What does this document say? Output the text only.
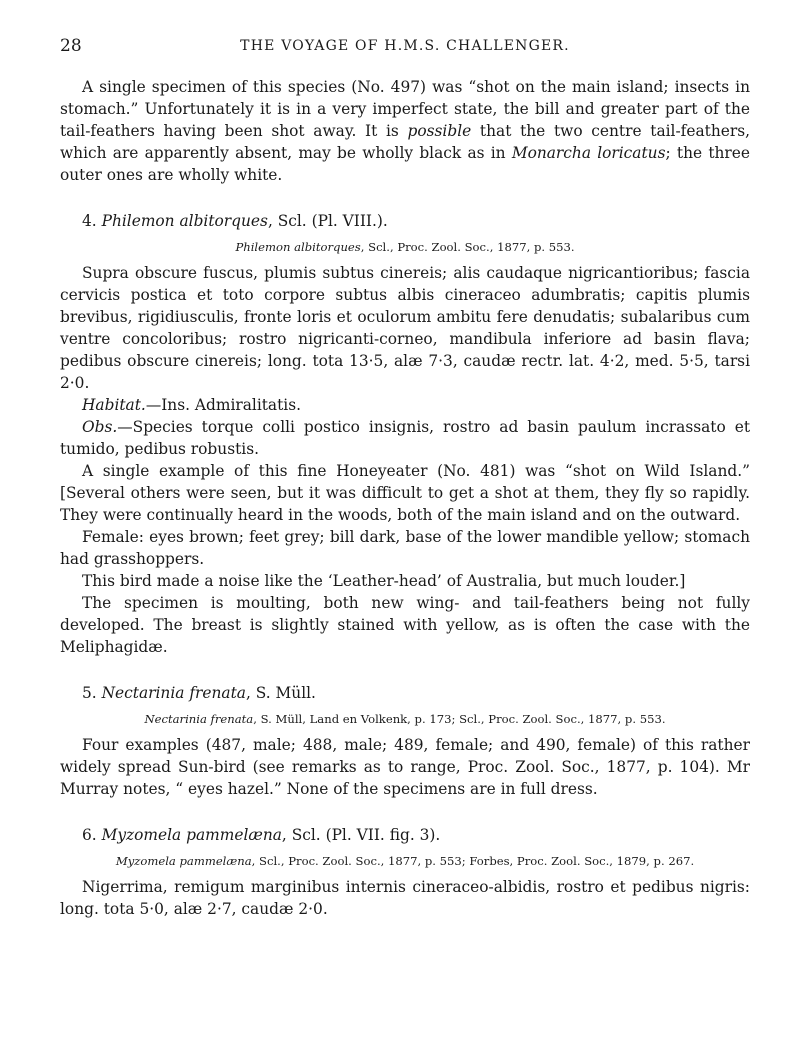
28	THE VOYAGE OF H.M.S. CHALLENGER.

A single specimen of this species (No. 497) was “shot on the main island; insects in stomach.” Unfortunately it is in a very imperfect state, the bill and greater part of the tail-feathers having been shot away. It is possible that the two centre tail-feathers, which are apparently absent, may be wholly black as in Monarcha loricatus; the three outer ones are wholly white.

4. Philemon albitorques, Scl. (Pl. VIII.).

Philemon albitorques, Scl., Proc. Zool. Soc., 1877, p. 553.

Supra obscure fuscus, plumis subtus cinereis; alis caudaque nigricantioribus; fascia cervicis postica et toto corpore subtus albis cineraceo adumbratis; capitis plumis brevibus, rigidiusculis, fronte loris et oculorum ambitu fere denudatis; subalaribus cum ventre concoloribus; rostro nigricanti-corneo, mandibula inferiore ad basin flava; pedibus obscure cinereis; long. tota 13·5, alæ 7·3, caudæ rectr. lat. 4·2, med. 5·5, tarsi 2·0.

Habitat.—Ins. Admiralitatis.

Obs.—Species torque colli postico insignis, rostro ad basin paulum incrassato et tumido, pedibus robustis.

A single example of this fine Honeyeater (No. 481) was “shot on Wild Island.” [Several others were seen, but it was difficult to get a shot at them, they fly so rapidly. They were continually heard in the woods, both of the main island and on the outward.

Female: eyes brown; feet grey; bill dark, base of the lower mandible yellow; stomach had grasshoppers.

This bird made a noise like the ‘Leather-head’ of Australia, but much louder.]

The specimen is moulting, both new wing- and tail-feathers being not fully developed. The breast is slightly stained with yellow, as is often the case with the Meliphagidæ.

5. Nectarinia frenata, S. Müll.

Nectarinia frenata, S. Müll, Land en Volkenk, p. 173; Scl., Proc. Zool. Soc., 1877, p. 553.

Four examples (487, male; 488, male; 489, female; and 490, female) of this rather widely spread Sun-bird (see remarks as to range, Proc. Zool. Soc., 1877, p. 104). Mr Murray notes, “ eyes hazel.” None of the specimens are in full dress.

6. Myzomela pammelæna, Scl. (Pl. VII. fig. 3).

Myzomela pammelæna, Scl., Proc. Zool. Soc., 1877, p. 553; Forbes, Proc. Zool. Soc., 1879, p. 267.

Nigerrima, remigum marginibus internis cineraceo-albidis, rostro et pedibus nigris: long. tota 5·0, alæ 2·7, caudæ 2·0.
